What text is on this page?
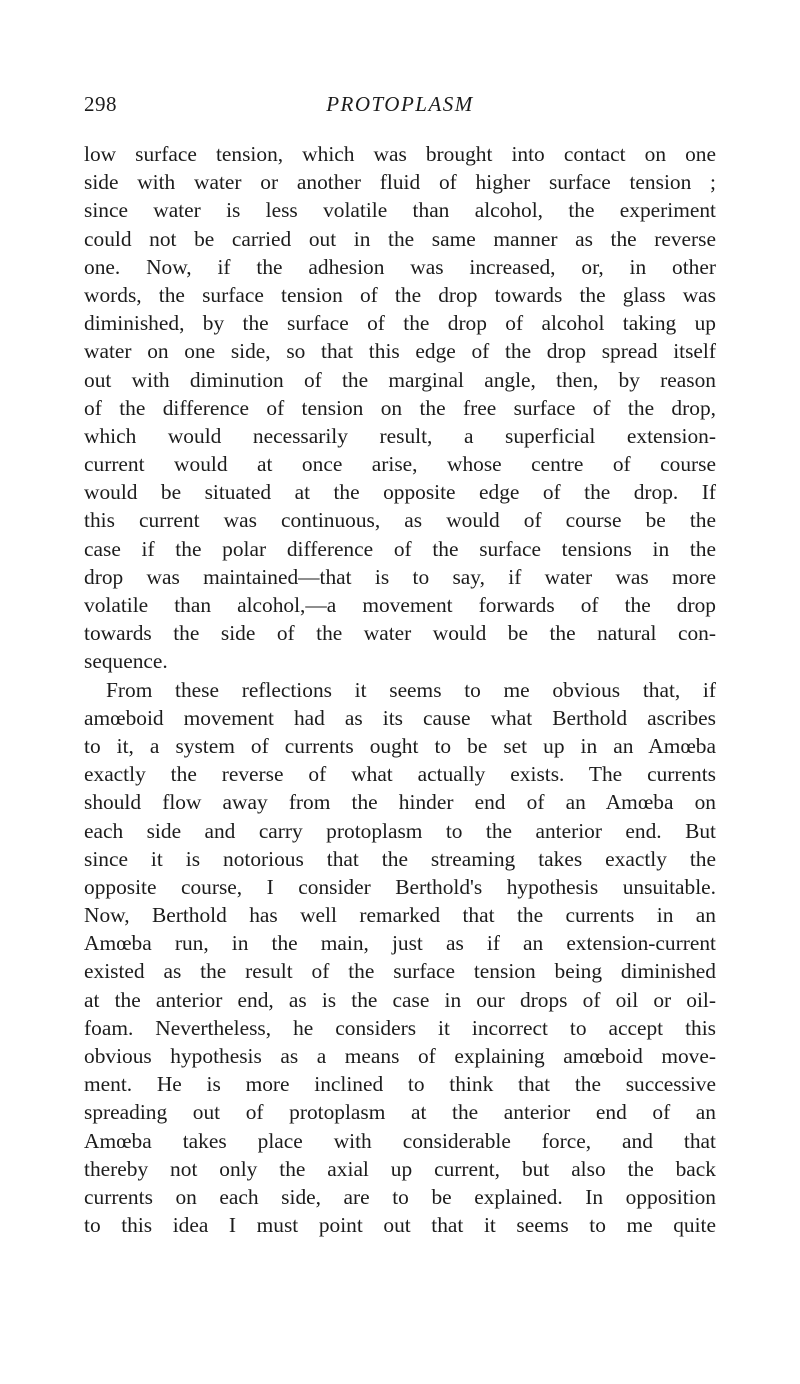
298	PROTOPLASM
low surface tension, which was brought into contact on one
side with water or another fluid of higher surface tension ;
since water is less volatile than alcohol, the experiment
could not be carried out in the same manner as the reverse
one. Now, if the adhesion was increased, or, in other
words, the surface tension of the drop towards the glass was
diminished, by the surface of the drop of alcohol taking up
water on one side, so that this edge of the drop spread itself
out with diminution of the marginal angle, then, by reason
of the difference of tension on the free surface of the drop,
which would necessarily result, a superficial extension-
current would at once arise, whose centre of course
would be situated at the opposite edge of the drop. If
this current was continuous, as would of course be the
case if the polar difference of the surface tensions in the
drop was maintained—that is to say, if water was more
volatile than alcohol,—a movement forwards of the drop
towards the side of the water would be the natural con-
sequence.
From these reflections it seems to me obvious that, if
amœboid movement had as its cause what Berthold ascribes
to it, a system of currents ought to be set up in an Amœba
exactly the reverse of what actually exists. The currents
should flow away from the hinder end of an Amœba on
each side and carry protoplasm to the anterior end. But
since it is notorious that the streaming takes exactly the
opposite course, I consider Berthold's hypothesis unsuitable.
Now, Berthold has well remarked that the currents in an
Amœba run, in the main, just as if an extension-current
existed as the result of the surface tension being diminished
at the anterior end, as is the case in our drops of oil or oil-
foam. Nevertheless, he considers it incorrect to accept this
obvious hypothesis as a means of explaining amœboid move-
ment. He is more inclined to think that the successive
spreading out of protoplasm at the anterior end of an
Amœba takes place with considerable force, and that
thereby not only the axial up current, but also the back
currents on each side, are to be explained. In opposition
to this idea I must point out that it seems to me quite
